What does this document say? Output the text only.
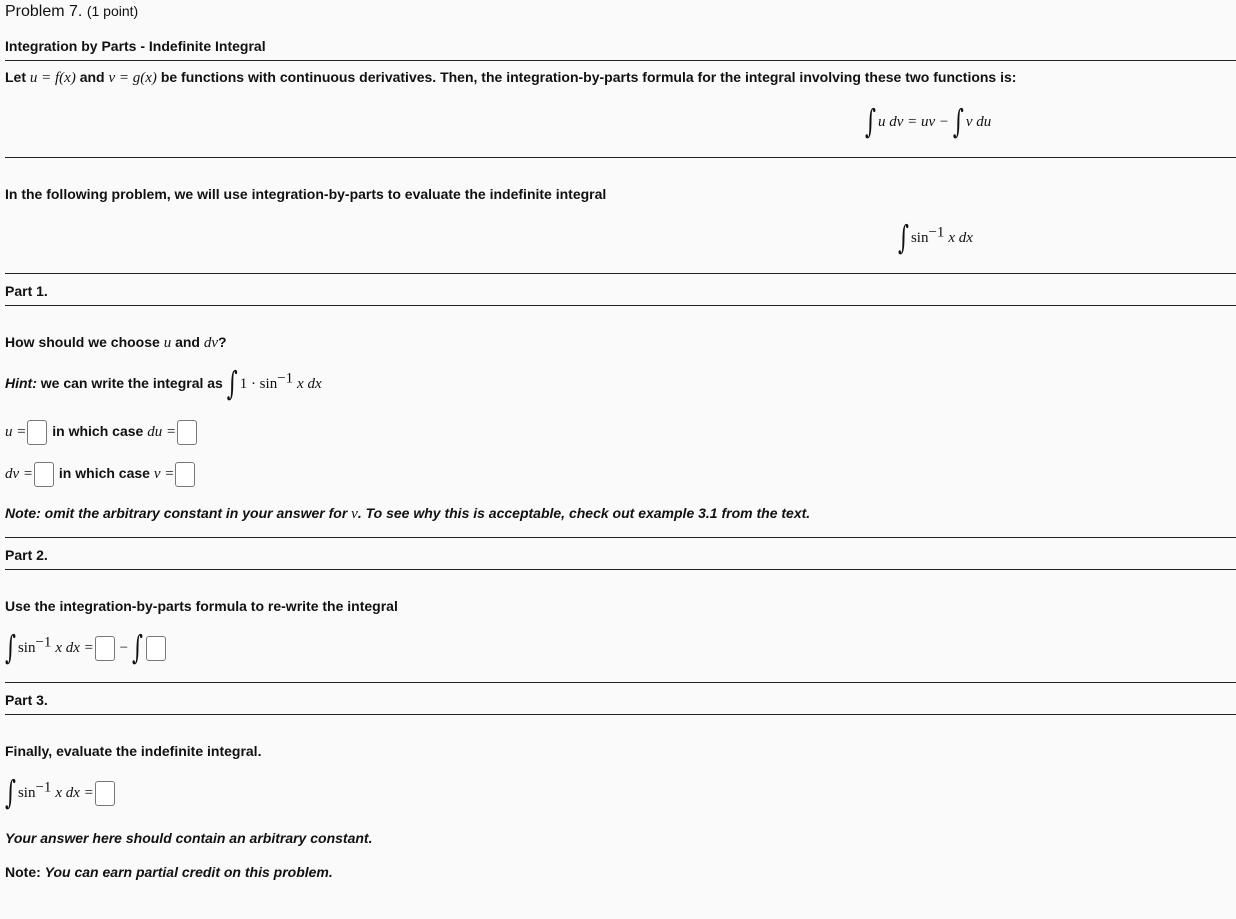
Problem 7. (1 point)
Integration by Parts - Indefinite Integral
Let u = f(x) and v = g(x) be functions with continuous derivatives. Then, the integration-by-parts formula for the integral involving these two functions is:
∫ u dv = uv − ∫ v du
In the following problem, we will use integration-by-parts to evaluate the indefinite integral
∫ $\sin^{-1} x$ dx
Part 1.
How should we choose u and dv?
Hint: we can write the integral as ∫ $1 \cdot \sin^{-1} x$ dx
u = in which case du =
dv = in which case v =
Note: omit the arbitrary constant in your answer for v. To see why this is acceptable, check out example 3.1 from the text.
Part 2.
Use the integration-by-parts formula to re-write the integral
∫ $\sin^{-1} x$ dx = − ∫
Part 3.
Finally, evaluate the indefinite integral.
∫ $\sin^{-1} x$ dx =
Your answer here should contain an arbitrary constant.
Note: You can earn partial credit on this problem.
